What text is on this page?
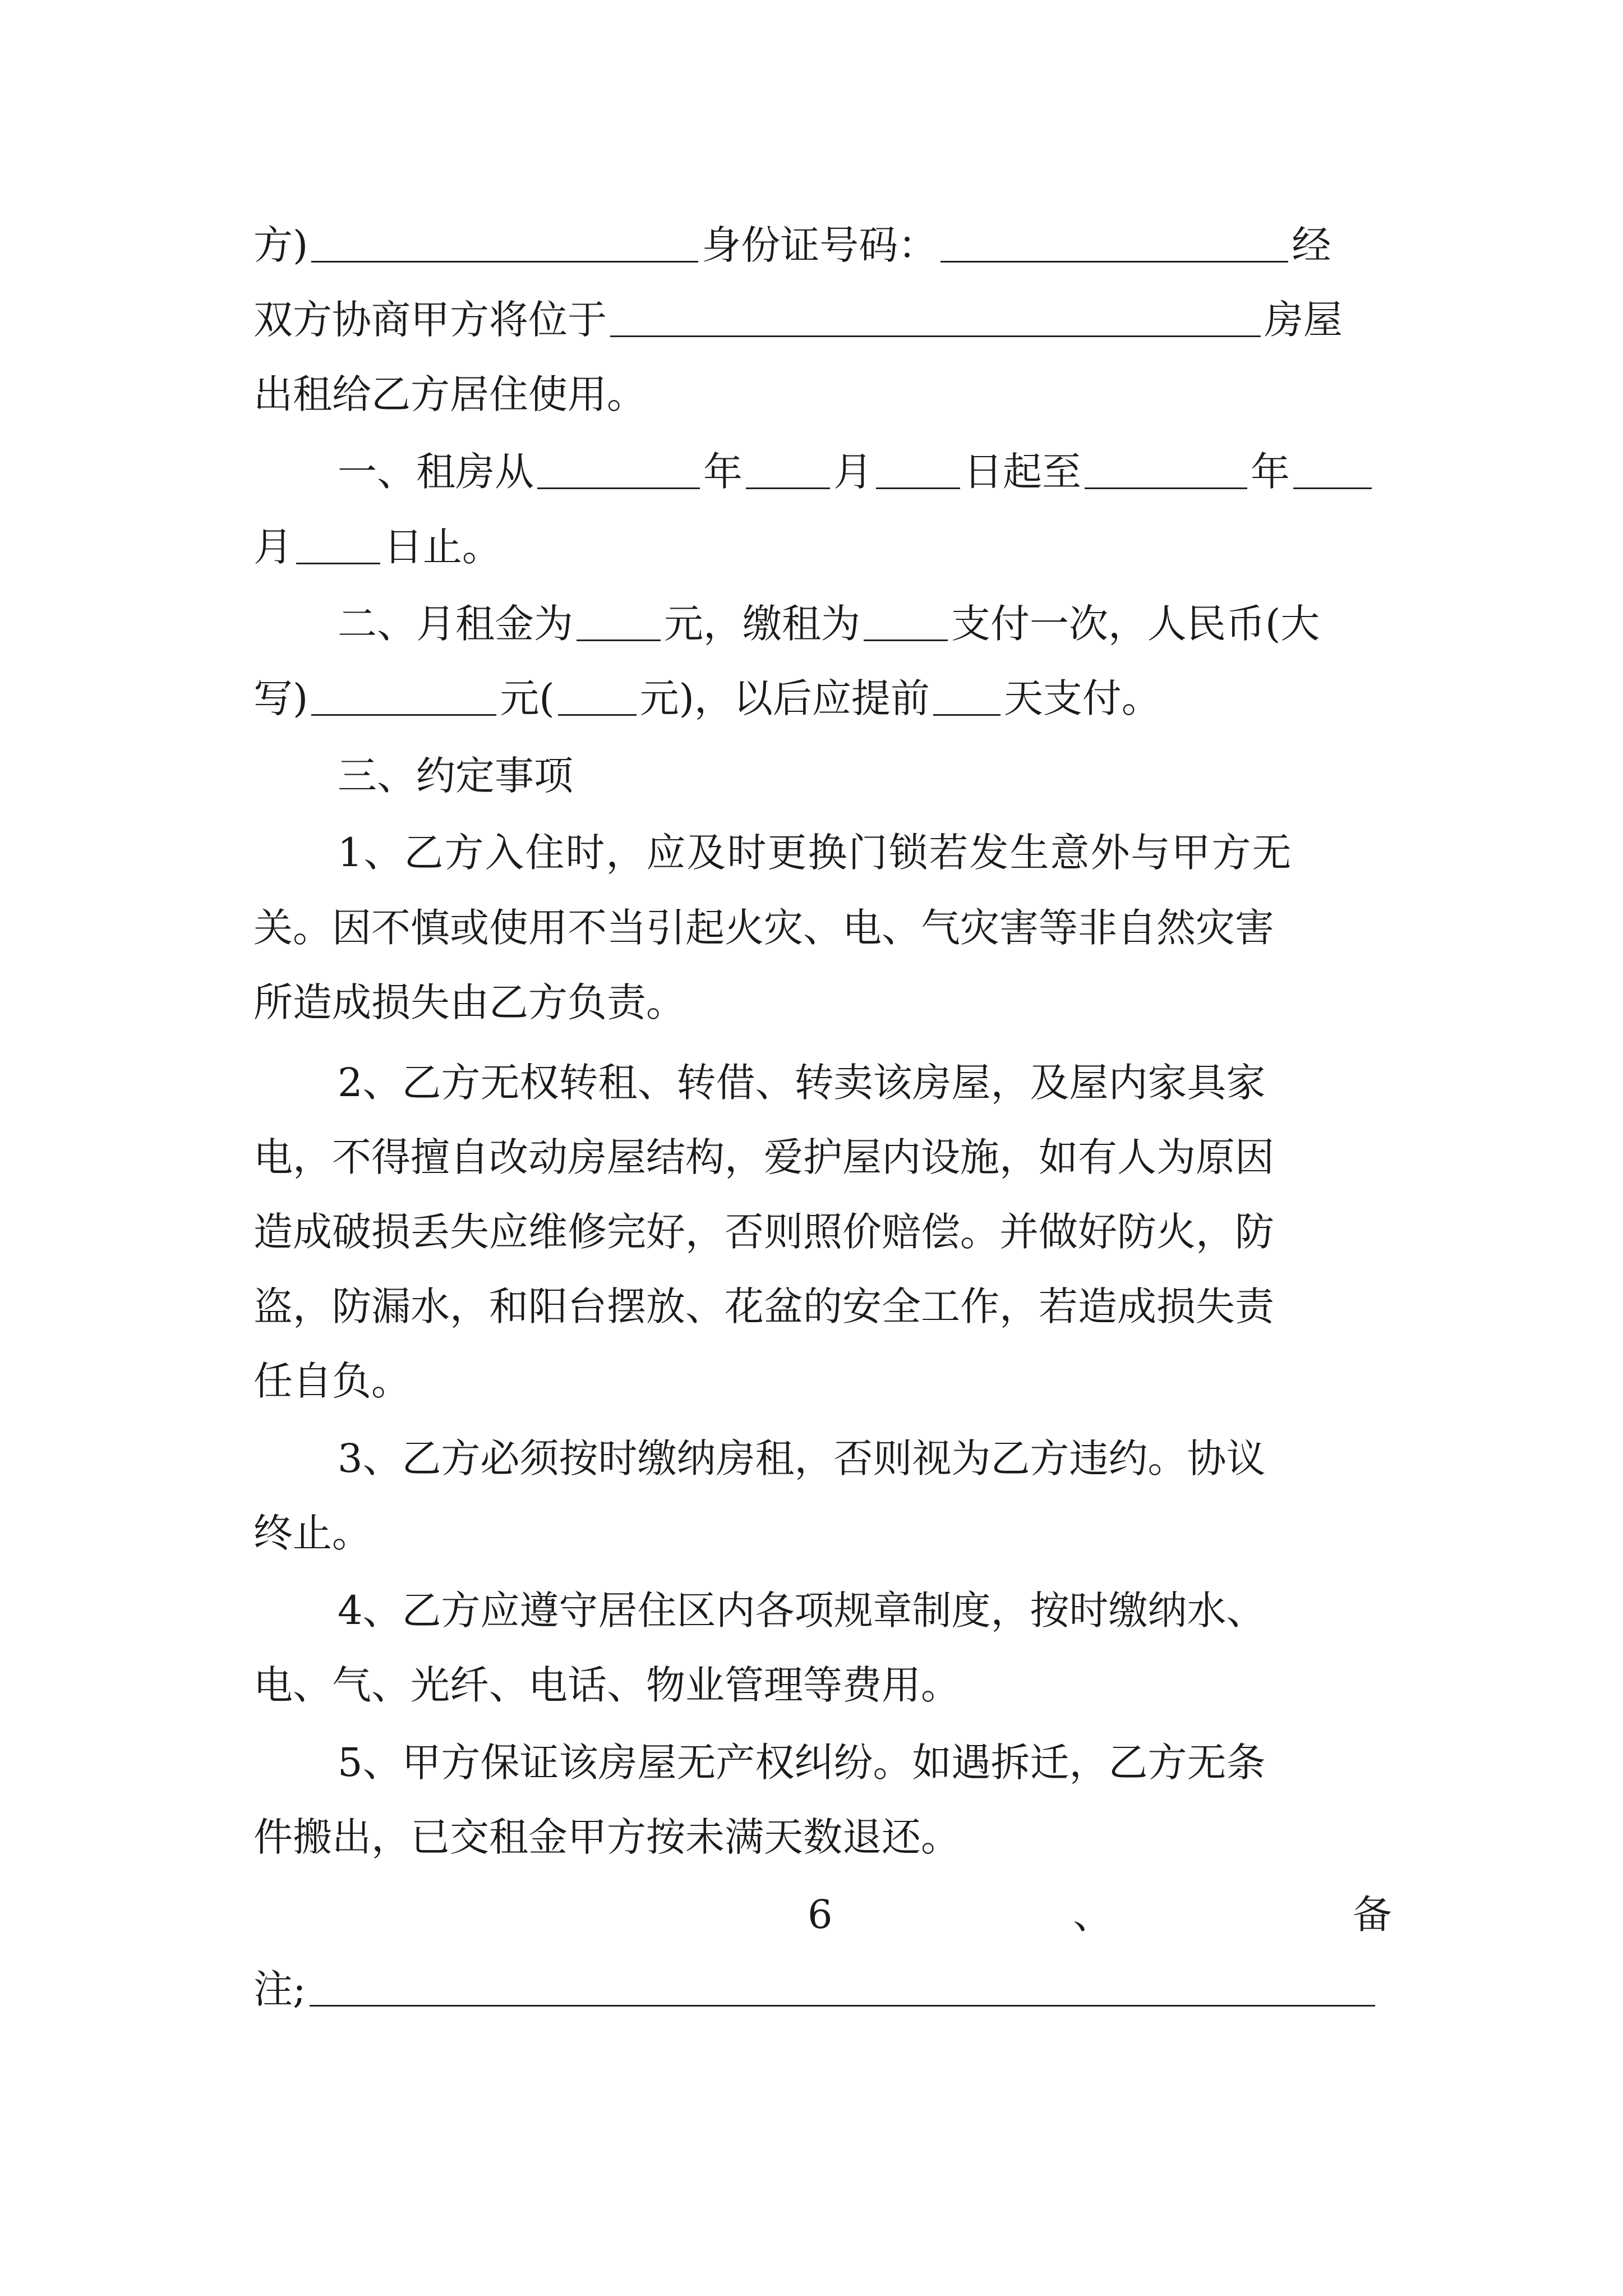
方)	身份证号码：	经
双方协商甲方将位于	房屋
出租给乙方居住使用。
一、租房从	年 月 日起至	年
月 日止。
二、月租金为 元，缴租为 支付一次，人民币(大
写)	元( 元)，以后应提前 天支付。
三、约定事项
1、乙方入住时，应及时更换门锁若发生意外与甲方无
关。因不慎或使用不当引起火灾、电、气灾害等非自然灾害
所造成损失由乙方负责。
2、乙方无权转租、转借、转卖该房屋，及屋内家具家
电，不得擅自改动房屋结构，爱护屋内设施，如有人为原因
造成破损丢失应维修完好，否则照价赔偿。并做好防火，防
盗，防漏水，和阳台摆放、花盆的安全工作，若造成损失责
任自负。
3、乙方必须按时缴纳房租，否则视为乙方违约。协议
终止。
4、乙方应遵守居住区内各项规章制度，按时缴纳水、
电、气、光纤、电话、物业管理等费用。
5、甲方保证该房屋无产权纠纷。如遇拆迁，乙方无条
件搬出，已交租金甲方按未满天数退还。
6	、	备
注;
